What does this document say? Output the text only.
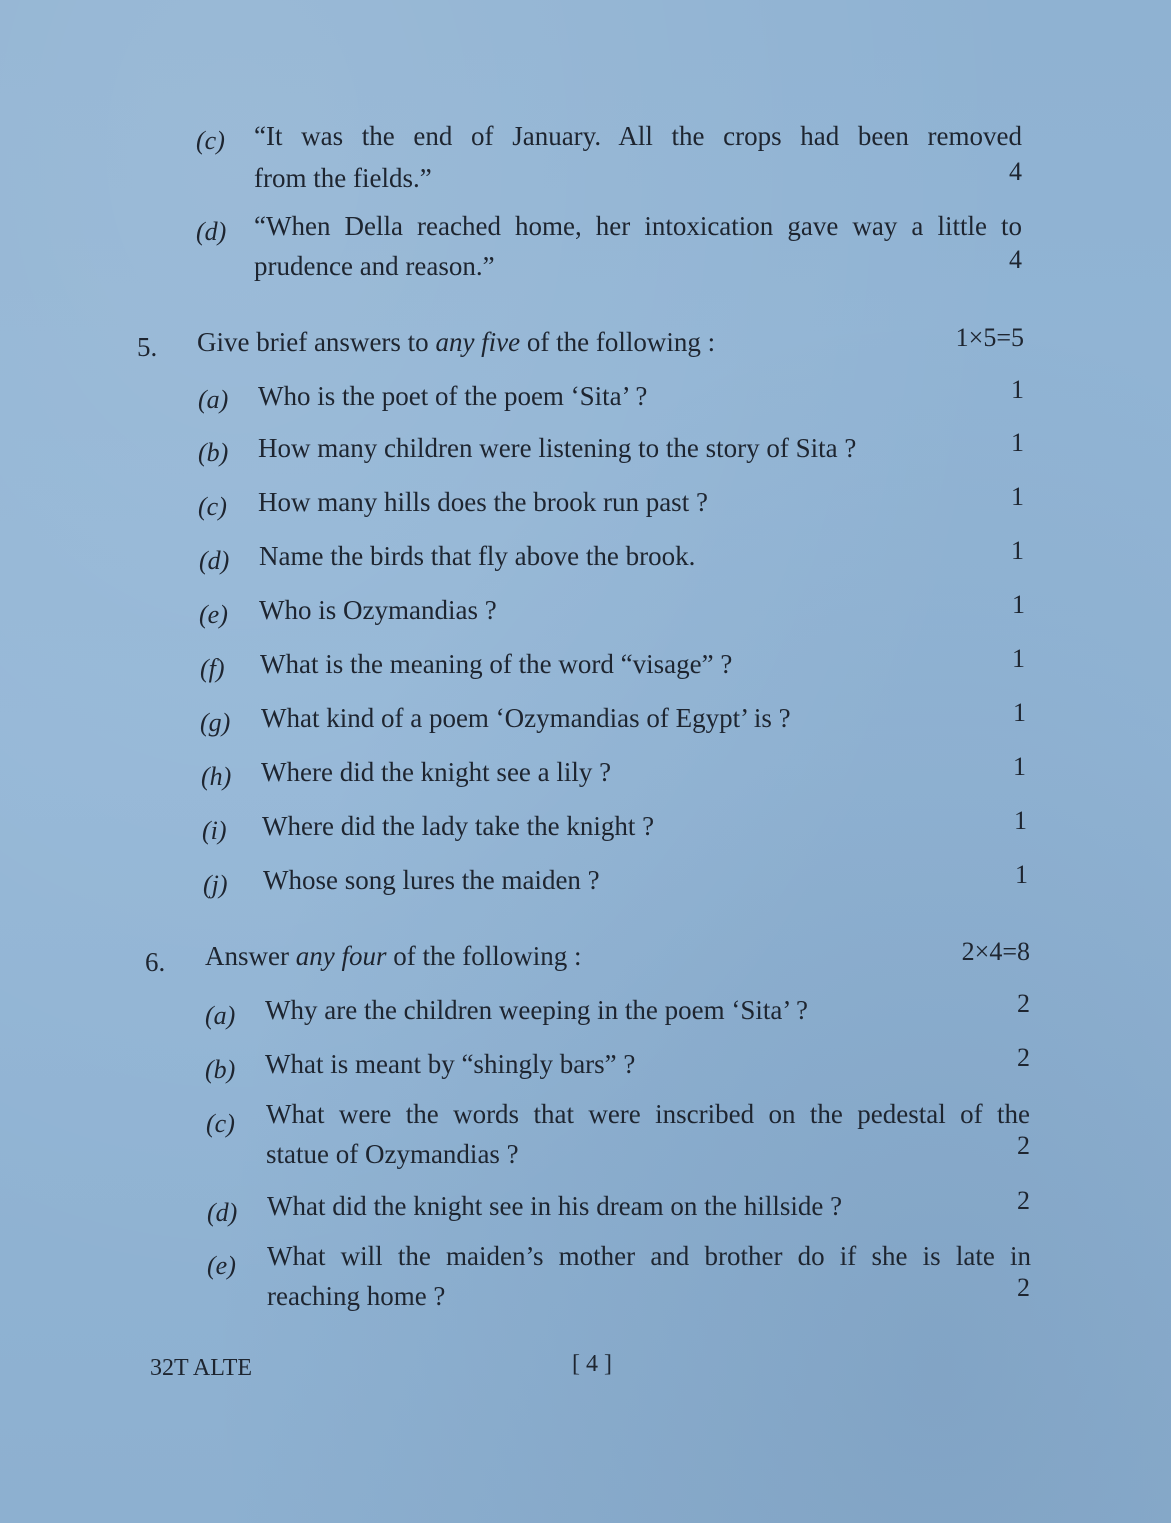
(c) “It was the end of January. All the crops had been removed
from the fields.”	4
(d) “When Della reached home, her intoxication gave way a little to
prudence and reason.”	4
5. Give brief answers to any five of the following :	1×5=5
(a) Who is the poet of the poem ‘Sita’ ?	1
(b) How many children were listening to the story of Sita ?	1
(c) How many hills does the brook run past ?	1
(d) Name the birds that fly above the brook.	1
(e) Who is Ozymandias ?	1
(f) What is the meaning of the word “visage” ?	1
(g) What kind of a poem ‘Ozymandias of Egypt’ is ?	1
(h) Where did the knight see a lily ?	1
(i) Where did the lady take the knight ?	1
(j) Whose song lures the maiden ?	1
6. Answer any four of the following :	2×4=8
(a) Why are the children weeping in the poem ‘Sita’ ?	2
(b) What is meant by “shingly bars” ?	2
(c) What were the words that were inscribed on the pedestal of the
statue of Ozymandias ?	2
(d) What did the knight see in his dream on the hillside ?	2
(e) What will the maiden’s mother and brother do if she is late in
reaching home ?	2
32T ALTE	[ 4 ]
